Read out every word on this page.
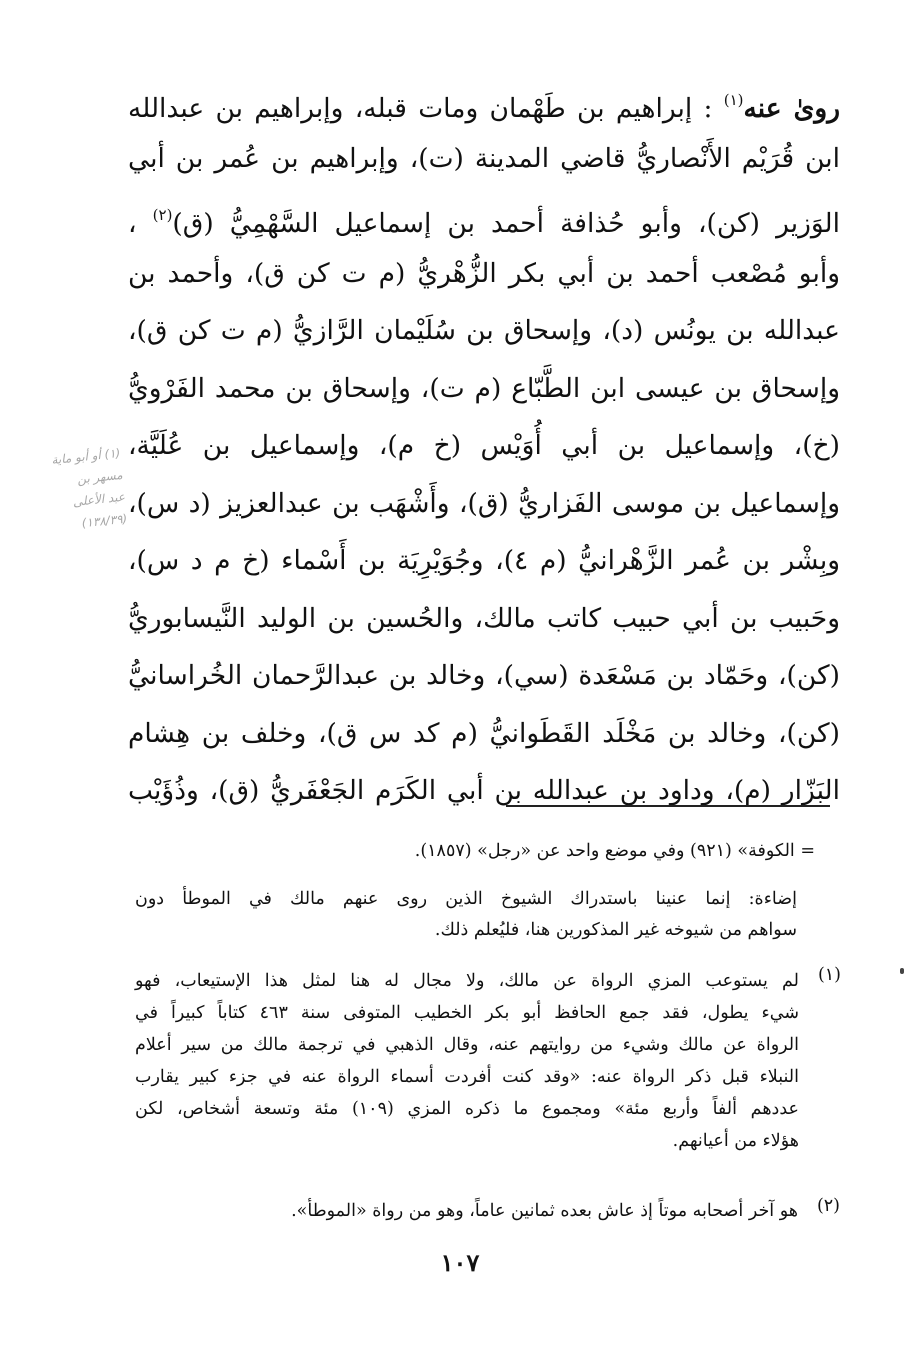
(١) أو أبو ماية
مسهر بن
عبد الأعلى
(١٣٨/٣٩)
رویٰ عنه$^{(١)}$ : إبراهيم بن طَهْمان ومات قبله، وإبراهيم بن عبدالله
ابن قُرَيْم الأَنْصاريُّ قاضي المدينة (ت)، وإبراهيم بن عُمر بن أبي
الوَزير (كن)، وأبو حُذافة أحمد بن إسماعيل السَّهْمِيُّ (ق)$^{(٢)}$ ،
وأبو مُصْعب أحمد بن أبي بكر الزُّهْريُّ (م ت كن ق)، وأحمد بن
عبدالله بن يونُس (د)، وإسحاق بن سُلَيْمان الرَّازيُّ (م ت كن ق)،
وإسحاق بن عيسى ابن الطَّبّاع (م ت)، وإسحاق بن محمد الفَرْويُّ
(خ)، وإسماعيل بن أبي أُوَيْس (خ م)، وإسماعيل بن عُلَيَّة،
وإسماعيل بن موسى الفَزاريُّ (ق)، وأَشْهَب بن عبدالعزيز (د س)،
وبِشْر بن عُمر الزَّهْرانيُّ (م ٤)، وجُوَيْرِيَة بن أَسْماء (خ م د س)،
وحَبيب بن أبي حبيب كاتب مالك، والحُسين بن الوليد النَّيسابوريُّ
(كن)، وحَمّاد بن مَسْعَدة (سي)، وخالد بن عبدالرَّحمان الخُراسانيُّ
(كن)، وخالد بن مَخْلَد القَطَوانيُّ (م كد س ق)، وخلف بن هِشام
البَزّار (م)، وداود بن عبدالله بن أبي الكَرَم الجَعْفَريُّ (ق)، وذُؤَيْب
= الكوفة» (٩٢١) وفي موضع واحد عن «رجل» (١٨٥٧).
إضاءة: إنما عنينا باستدراك الشيوخ الذين روى عنهم مالك في الموطأ دون
سواهم من شيوخه غير المذكورين هنا، فليُعلم ذلك.
(١)
لم يستوعب المزي الرواة عن مالك، ولا مجال له هنا لمثل هذا الإستيعاب، فهو
شيء يطول، فقد جمع الحافظ أبو بكر الخطيب المتوفى سنة ٤٦٣ كتاباً كبيراً في
الرواة عن مالك وشيء من روايتهم عنه، وقال الذهبي في ترجمة مالك من سير أعلام
النبلاء قبل ذكر الرواة عنه: «وقد كنت أفردت أسماء الرواة عنه في جزء كبير يقارب
عددهم ألفاً وأربع مئة» ومجموع ما ذكره المزي (١٠٩) مئة وتسعة أشخاص، لكن
هؤلاء من أعيانهم.
(٢)
هو آخر أصحابه موتاً إذ عاش بعده ثمانين عاماً، وهو من رواة «الموطأ».
١٠٧
